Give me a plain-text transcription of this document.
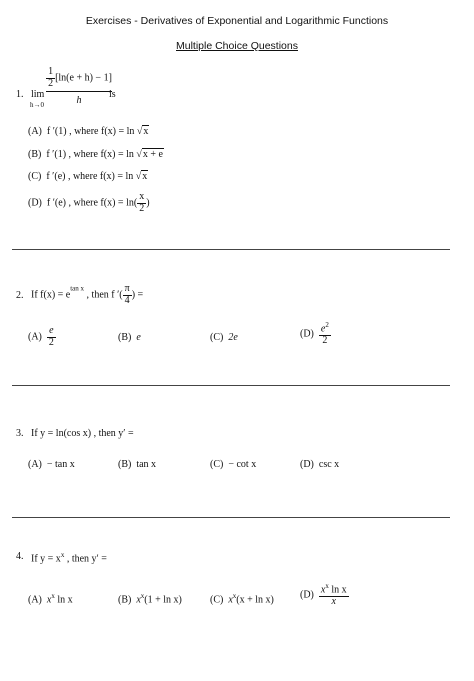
Exercises - Derivatives of Exponential and Logarithmic Functions
Multiple Choice Questions
1. lim
h→0
$\frac{1}{2} [\ln(e + h) - 1]$
h
is
(A) f ′(1) , where f(x) = ln √x
(B) f ′(1) , where f(x) = ln √x + e
(C) f ′(e) , where f(x) = ln √x
(D) f ′(e) , where $f(x) = \ln( \frac{x}{2}$ )
2. If $f(x) = e^{tan x}$ , then f ′( $\frac{\pi}{4}$ ) =
$(A) \frac{e}{2}$	(B) e	(C) 2e	$(D) \frac{e^2}{2}$
3. If y = ln(cos x) , then y′ =
(A) − tan x	(B) tan x	(C) − cot x	(D) csc x
4. If $y = x^x$ , then y′ =
(A) $x^x$ ln x	(B) $x^x(1 + \ln x)$	(C) $x^x(x + \ln x)$	$(D) \frac{x^x \ln x}{x}$
